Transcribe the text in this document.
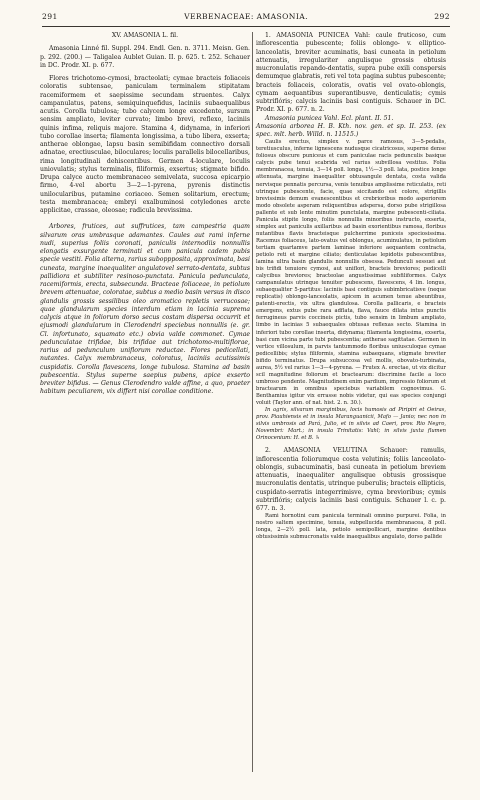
291	VERBENACEAE: AMASONIA.	292

XV. AMASONIA L. fil.

Amasonia Linné fil. Suppl. 294. Endl. Gen. n. 3711. Meisn. Gen. p. 292. (200.) — Taligalea Aublet Guian. II. p. 625. t. 252. Schauer in DC. Prodr. XI. p. 677.

Flores trichotomo-cymosi, bracteolati; cymae bracteis foliaceis coloratis subtensae, paniculam terminalem stipitatam racemiformem et saepissime secundam struentes. Calyx campanulatus, patens, semiquinquefidus, laciniis subaequalibus acutis. Corolla tubulosa; tubo calycem longe excedente, sursum sensim ampliato, leviter curvato; limbo brevi, reflexo, laciniis quinis infima, reliquis majore. Stamina 4, didynama, in inferiori tubo corollae inserta; filamenta longissima, a tubo libera, exserta; antherae oblongae, lapsu basin semibifidam connectivo dorsali adnatae, erectiusculae, biloculares; loculis parallelis bilocellaribus, rima longitudinali dehiscentibus. Germen 4-loculare, loculis uniovulatis; stylus terminalis, filiformis, exsertus; stigmate bifido. Drupa calyce aucto membranaceo semivelata, succosa epicarpio firmo, 4-vel abortu 3—2—1-pyrena, pyrenis distinctis unilocularibus, putamine coriaceo. Semen solitarium, erectum; testa membranacea; embryi exalbuminosi cotyledones arcte applicitae, crassae, oleosae; radicula brevissima.

Arbores, frutices, aut suffrutices, tam campestria quam silvarum oras umbrasque adamantes. Caules aut rami inferne nudi, superius foliis coronati, paniculis internodiis nonnullis elongatis exsurgente terminati et cum panicula cadem pubis specie vestiti. Folia alterna, rarius suboppposita, approximata, basi cuneata, margine inaequaliter angulatovel serrato-dentata, subtus pallidiora et subtiliter resinoso-punctata. Panicula pedunculata, racemiformis, erecta, subsecunda. Bracteae foliaceae, in petiolum brevem attenuatae, coloratae, subtus a medio basin versus in disco glandulis grossis sessilibus oleo aromatico repletis verrucosae; quae glandularum species interdum etiam in lacinia suprema calycis atque in foliorum dorso secus costam dispersa occurrit et ejusmodi glandularum in Clerodendri speciebus nonnullis (e. gr. Cl. infortunato, squamato etc.) obvia valde commonet. Cymae pedunculatae trifidae, bis trifidae aut trichotomo-multiflorae, rarius ad pedunculum uniflorum reductae. Flores pedicellati, nutantes. Calyx membranaceus, coloratus, laciniis acutissimis cuspidatis. Corolla flavescens, longe tubulosa. Stamina ad basin pubescentia. Stylus superne saepius pubens, apice exserto breviter bifidus. — Genus Clerodendro valde affine, a quo, praeter habitum peculiarem, vix differt nisi corollae conditione.

1. AMASONIA PUNICEA Vahl: caule fruticoso, cum inflorescentia pubescente; foliis oblongo- v. elliptico-lanceolatis, breviter acuminatis, basi cuneata in petiolum attenuatis, irregulariter angulisque grossis obtusis mucronulatis repando-dentatis, supra pube exili conspersis demumque glabratis, reti vel tota pagina subtus pubescente; bracteis foliaceis, coloratis, ovatis vel ovato-oblongis, cymam aequantibus superantibusve, denticulatis; cymis subtriflóris; calycis laciniis basi contiguis. Schauer in DC. Prodr. XI. p. 677. n. 2.

Amasonia punicea Vahl. Ecl. plant. II. 51.
Amasonia arborea H. B. Kth. nov. gen. et sp. II. 253. (ex spec. mlt. herb. Willd. n. 11515.)

Caulis erectus, simplex v. parce ramosus, 3—5-pedalis, teretiusculus, inferne lignescens nudusque cicatricosus, superne dense foliosus obscure puniceus et cum paniculae racis pedunculis basique calycis pube tenui scabrida vel rarius subvillosa vestitus. Folia membranacea, tenuia, 3—14 poll. longa, 1½—3 poll. lata, postice longe attenuata, margine inaequaliter obtusangule dentata, costa valida nervisque pennatis percursa, venis tenuibus amplissime reticulatis, reti utrinque pubescente, facie, quae siccitando est colore, strigillis brevissimis demum evanescentibus et crebrioribus modo asperiorem modo obsolete asperam reliquentibus adspersa, dorso pube strigillosa pallente et sub lente minutim punctulata, margine pubescenti-ciliata. Panicula stipite longo, foliis nonnullis minoribus instructo, exserta, simplex aut paniculis axillaribus ad basin exorientibus ramosa, floribus nutantibus flavis bracteisque pulcherrime puniceis speciosissima. Racemus foliaceus, lato-ovatus vel oblongus, acuminulatus, in petiolum tertiam quartamve partem laminae inferiore aequantem contracta, petiolo reti et margine ciliato; denticulatae lepidotis pubescentibus, lamina ultra basin glandulis nonnullis obsessa. Pedunculi sessuei aut bis trifidi tenuiore cymosi, aut uniflori, bracteis breviores; pedicelli calycibus breviores; bracteolae angustissimae subfiliformes. Calyx campanulatus utrinque tenuiter pubescens, flavescens, 4 lin. longus, subaequaliter 5-partitus: laciniis basi contiguis subimbricatisve (neque replicatis) oblongo-lanceolatis, apicem in acumen tenue abeuntibus, patenti-erectis, vix ultra glandulosa. Corolla pallicaris, e bracteis emergens, extus pube rara adflata, flava, fauce dilata intus punctis ferrugineus parvis coccineis pictis, tubo sensim in limbum ampliato, limbo in lacinias 5 subaequales obtusas reflexas secto. Stamina in inferiori tubo corollae inserta, didynama; filamenta longissima, exserta, basi cum vicina parte tubi pubescentia; antherae sagittatae. Germen in vertice villosulum, in parvis tantummodo floribus uniusculoque cymae pedicellibis; stylus filiformis, stamina subaequans, stigmate breviter bifido terminatus. Drupa subsuccosa vel mollis, obovato-turbinata, aurea, 5½ vel rarius 1—3—4-pyrena. — Frutex A. erectae, ut vix dicitur scil magnitudine foliorum et bractearum: discrimine facile a loco umbroso pendente. Magnitudinem enim pardium, impressio foliorum et bractearum in omnibus speciebus variabilem cognovimus. G. Benthamius igitur vix errasse nobis videtur, qui eas species conjungi voluit (Taylor ann. of nat. hist. 2. n. 30.).

In agris, silvarum marginibus, locis humosis ad Piripiri et Oeiras, prov. Piauhiensis et in insula Maranguanicii, Mafo — Janio; nec non in silvis umbrosis ad Pará, Julio, et in silvis ad Caeri, prov. Rio Negro, Novembri: Mart.; in insula Trinitatis: Vahl; in silvis juxta flumen Orinocenium: H. et B. ♄

2. AMASONIA VELUTINA Schauer: ramulis, inflorescentia foliorumque costa velutinis; foliis lanceolato-oblongis, subacuminatis, basi cuneata in petiolum breviem attenuatis, inaequaliter angulisque obtusis grossisque mucronulatis dentatis, utrinque puberulis; bracteis ellipticis, cuspidato-serratis integerrimisve, cyma brevioribus; cymis subtriflóris; calycis laciniis basi contiguis. Schauer l. c. p. 677. n. 3.

Rami hornotini cum panicula terminali omnino purpurei. Folia, in nostro saltem specimine, tenuia, subpellucida membranacea, 8 poll. longa, 2—2½ poll. lata, petiolo semipollicari, margine dentibus obtusissimis submucronatis valde inaequalibus angulato, dorso pallide
